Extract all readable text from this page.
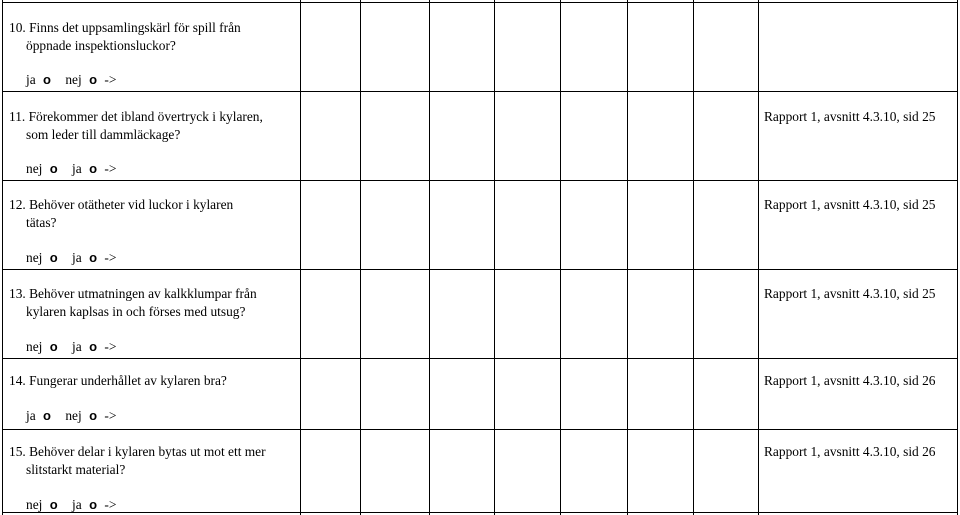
10. Finns det uppsamlingskärl för spill från
öppnade inspektionsluckor?
ja o nej o ->
11. Förekommer det ibland övertryck i kylaren,
som leder till dammläckage?
nej o ja o ->
Rapport 1, avsnitt 4.3.10, sid 25
12. Behöver otätheter vid luckor i kylaren
tätas?
nej o ja o ->
Rapport 1, avsnitt 4.3.10, sid 25
13. Behöver utmatningen av kalkklumpar från
kylaren kaplsas in och förses med utsug?
nej o ja o ->
Rapport 1, avsnitt 4.3.10, sid 25
14. Fungerar underhållet av kylaren bra?
ja o nej o ->
Rapport 1, avsnitt 4.3.10, sid 26
15. Behöver delar i kylaren bytas ut mot ett mer
slitstarkt material?
nej o ja o ->
Rapport 1, avsnitt 4.3.10, sid 26
